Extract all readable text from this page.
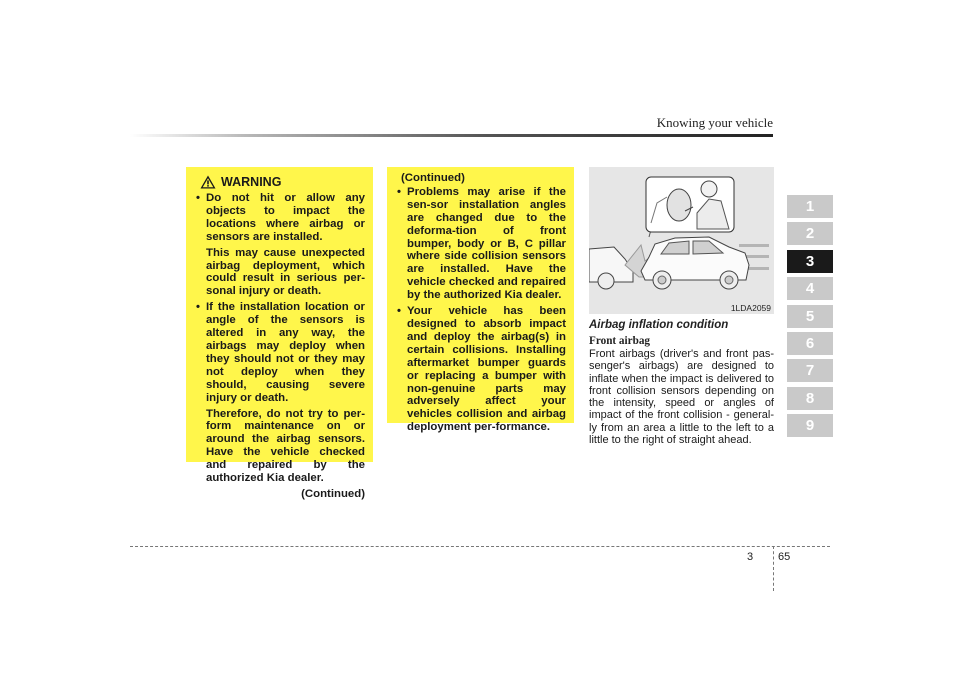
Knowing your vehicle
1
2
3
4
5
6
7
8
9
WARNING
• Do not hit or allow any objects to impact the locations where airbag or sensors are installed.

This may cause unexpected airbag deployment, which could result in serious per-sonal injury or death.

• If the installation location or angle of the sensors is altered in any way, the airbags may deploy when they should not or they may not deploy when they should, causing severe injury or death.

Therefore, do not try to per-form maintenance on or around the airbag sensors. Have the vehicle checked and repaired by the authorized Kia dealer.

(Continued)
(Continued)
• Problems may arise if the sen-sor installation angles are changed due to the deforma-tion of front bumper, body or B, C pillar where side collision sensors are installed. Have the vehicle checked and repaired by the authorized Kia dealer.
• Your vehicle has been designed to absorb impact and deploy the airbag(s) in certain collisions. Installing aftermarket bumper guards or replacing a bumper with non-genuine parts may adversely affect your vehicles collision and airbag deployment per-formance.
1LDA2059
Airbag inflation condition
Front airbag
Front airbags (driver's and front pas-senger's airbags) are designed to inflate when the impact is delivered to front collision sensors depending on the intensity, speed or angles of impact of the front collision - general-ly from an area a little to the left to a little to the right of straight ahead.
3 65
